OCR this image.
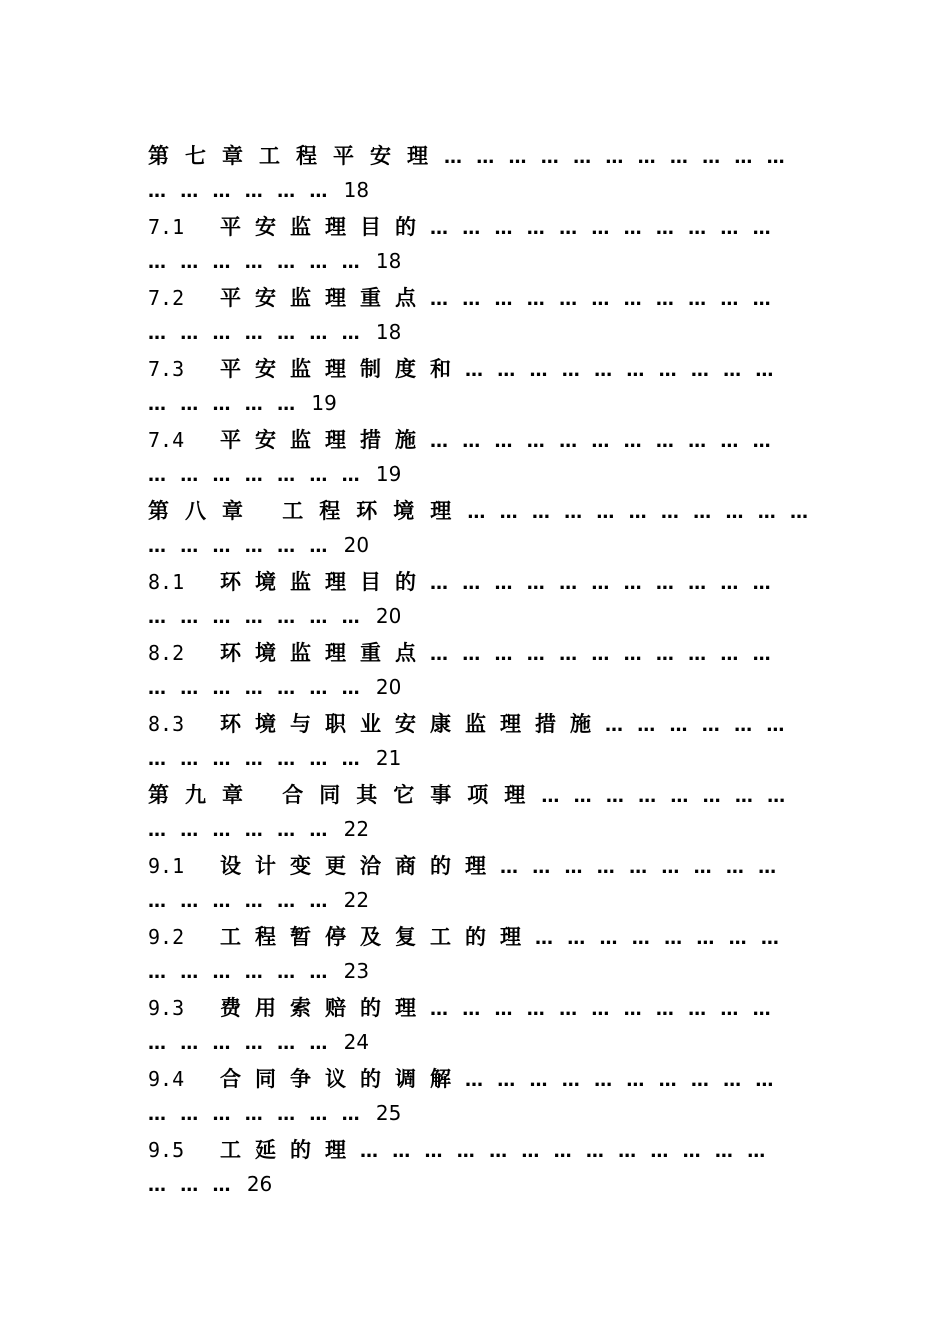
第七章工程平安理… … … … … … … … … … …
… … … … … … 18
7.1 平安监理目的… … … … … … … … … … …
… … … … … … … 18
7.2 平安监理重点… … … … … … … … … … …
… … … … … … … 18
7.3 平安监理制度和… … … … … … … … … …
… … … … … 19
7.4 平安监理措施… … … … … … … … … … …
… … … … … … … 19
第八章 工程环境理… … … … … … … … … … …
… … … … … … 20
8.1 环境监理目的… … … … … … … … … … …
… … … … … … … 20
8.2 环境监理重点… … … … … … … … … … …
… … … … … … … 20
8.3 环境与职业安康监理措施… … … … … …
… … … … … … … 21
第九章 合同其它事项理… … … … … … … …
… … … … … … 22
9.1 设计变更洽商的理… … … … … … … … …
… … … … … … 22
9.2 工程暂停及复工的理… … … … … … … …
… … … … … … 23
9.3 费用索赔的理… … … … … … … … … … …
… … … … … … 24
9.4 合同争议的调解… … … … … … … … … …
… … … … … … … 25
9.5 工延的理… … … … … … … … … … … … …
… … … 26
